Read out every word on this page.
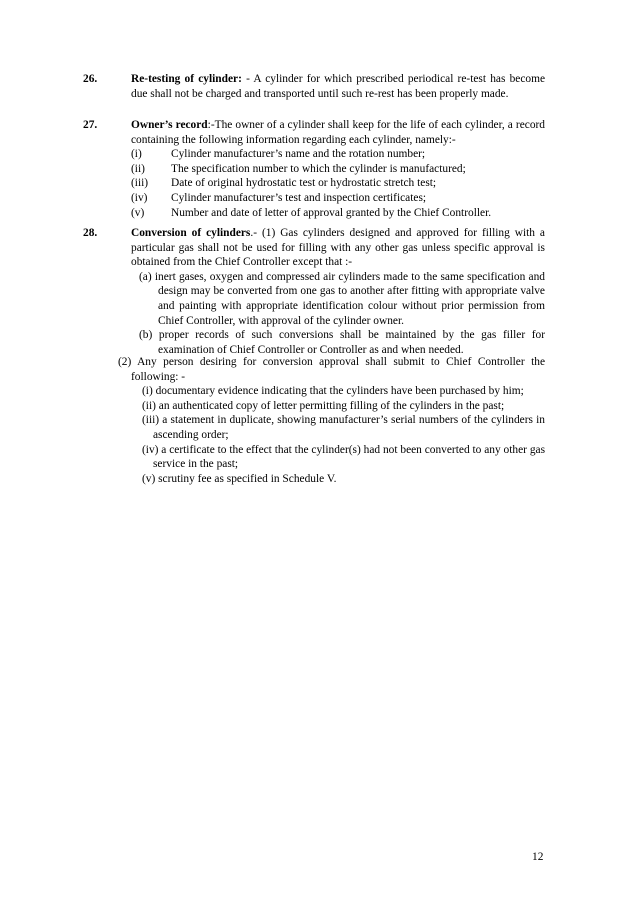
26.	Re-testing of cylinder: - A cylinder for which prescribed periodical re-test has become due shall not be charged and transported until such re-rest has been properly made.
27.	Owner’s record:-The owner of a cylinder shall keep for the life of each cylinder, a record containing the following information regarding each cylinder, namely:-
(i)	Cylinder manufacturer’s name and the rotation number;
(ii)	The specification number to which the cylinder is manufactured;
(iii)	Date of original hydrostatic test or hydrostatic stretch test;
(iv)	Cylinder manufacturer’s test and inspection certificates;
(v)	Number and date of letter of approval granted by the Chief Controller.
28.	Conversion of cylinders.- (1) Gas cylinders designed and approved for filling with a particular gas shall not be used for filling with any other gas unless specific approval is obtained from the Chief Controller except that :-
(a) inert gases, oxygen and compressed air cylinders made to the same specification and design may be converted from one gas to another after fitting with appropriate valve and painting with appropriate identification colour without prior permission from Chief Controller, with approval of the cylinder owner.
(b) proper records of such conversions shall be maintained by the gas filler for examination of Chief Controller or Controller as and when needed.
(2) Any person desiring for conversion approval shall submit to Chief Controller the following: -
(i) documentary evidence indicating that the cylinders have been purchased by him;
(ii) an authenticated copy of letter permitting filling of the cylinders in the past;
(iii) a statement in duplicate, showing manufacturer’s serial numbers of the cylinders in ascending order;
(iv) a certificate to the effect that the cylinder(s) had not been converted to any other gas service in the past;
(v) scrutiny fee as specified in Schedule V.
12
